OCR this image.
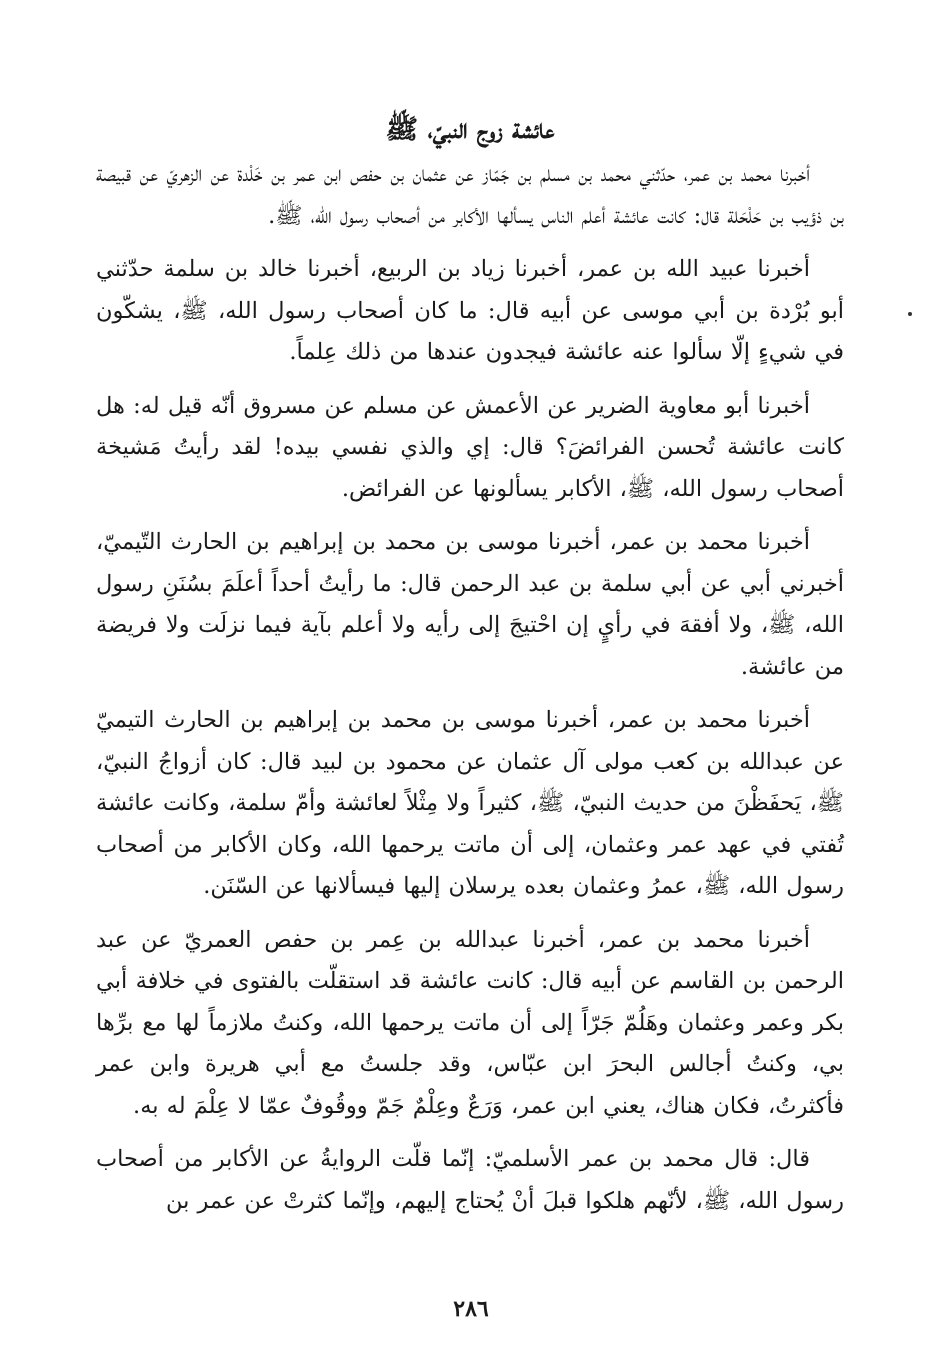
عائشة زوج النبيّ، ﷺ

أخبرنا محمد بن عمر، حدّثني محمد بن مسلم بن جَمّاز عن عثمان بن حفص ابن عمر بن خَلْدة عن الزهريّ عن قبيصة بن ذؤيب بن حَلْحَلة قال: كانت عائشة أعلم الناس يسألها الأكابر من أصحاب رسول الله، ﷺ.

أخبرنا عبيد الله بن عمر، أخبرنا زياد بن الربيع، أخبرنا خالد بن سلمة حدّثني أبو بُرْدة بن أبي موسى عن أبيه قال: ما كان أصحاب رسول الله، ﷺ، يشكّون في شيءٍ إلّا سألوا عنه عائشة فيجدون عندها من ذلك عِلماً.

أخبرنا أبو معاوية الضرير عن الأعمش عن مسلم عن مسروق أنّه قيل له: هل كانت عائشة تُحسن الفرائضَ؟ قال: إي والذي نفسي بيده! لقد رأيتُ مَشيخة أصحاب رسول الله، ﷺ، الأكابر يسألونها عن الفرائض.

أخبرنا محمد بن عمر، أخبرنا موسى بن محمد بن إبراهيم بن الحارث التّيميّ، أخبرني أبي عن أبي سلمة بن عبد الرحمن قال: ما رأيتُ أحداً أعلَمَ بسُنَنِ رسول الله، ﷺ، ولا أفقهَ في رأيٍ إن احْتيجَ إلى رأيه ولا أعلم بآية فيما نزلَت ولا فريضة من عائشة.

أخبرنا محمد بن عمر، أخبرنا موسى بن محمد بن إبراهيم بن الحارث التيميّ عن عبدالله بن كعب مولى آل عثمان عن محمود بن لبيد قال: كان أزواجُ النبيّ، ﷺ، يَحفَظْنَ من حديث النبيّ، ﷺ، كثيراً ولا مِثْلاً لعائشة وأمّ سلمة، وكانت عائشة تُفتي في عهد عمر وعثمان، إلى أن ماتت يرحمها الله، وكان الأكابر من أصحاب رسول الله، ﷺ، عمرُ وعثمان بعده يرسلان إليها فيسألانها عن السّنَن.

أخبرنا محمد بن عمر، أخبرنا عبدالله بن عِمر بن حفص العمريّ عن عبد الرحمن بن القاسم عن أبيه قال: كانت عائشة قد استقلّت بالفتوى في خلافة أبي بكر وعمر وعثمان وهَلُمّ جَرّاً إلى أن ماتت يرحمها الله، وكنتُ ملازماً لها مع برِّها بي، وكنتُ أجالس البحرَ ابن عبّاس، وقد جلستُ مع أبي هريرة وابن عمر فأكثرتُ، فكان هناك، يعني ابن عمر، وَرَعٌ وعِلْمٌ جَمّ ووقُوفٌ عمّا لا عِلْمَ له به.

قال: قال محمد بن عمر الأسلميّ: إنّما قلّت الروايةُ عن الأكابر من أصحاب رسول الله، ﷺ، لأنّهم هلكوا قبلَ أنْ يُحتاج إليهم، وإنّما كثرتْ عن عمر بن

٢٨٦
